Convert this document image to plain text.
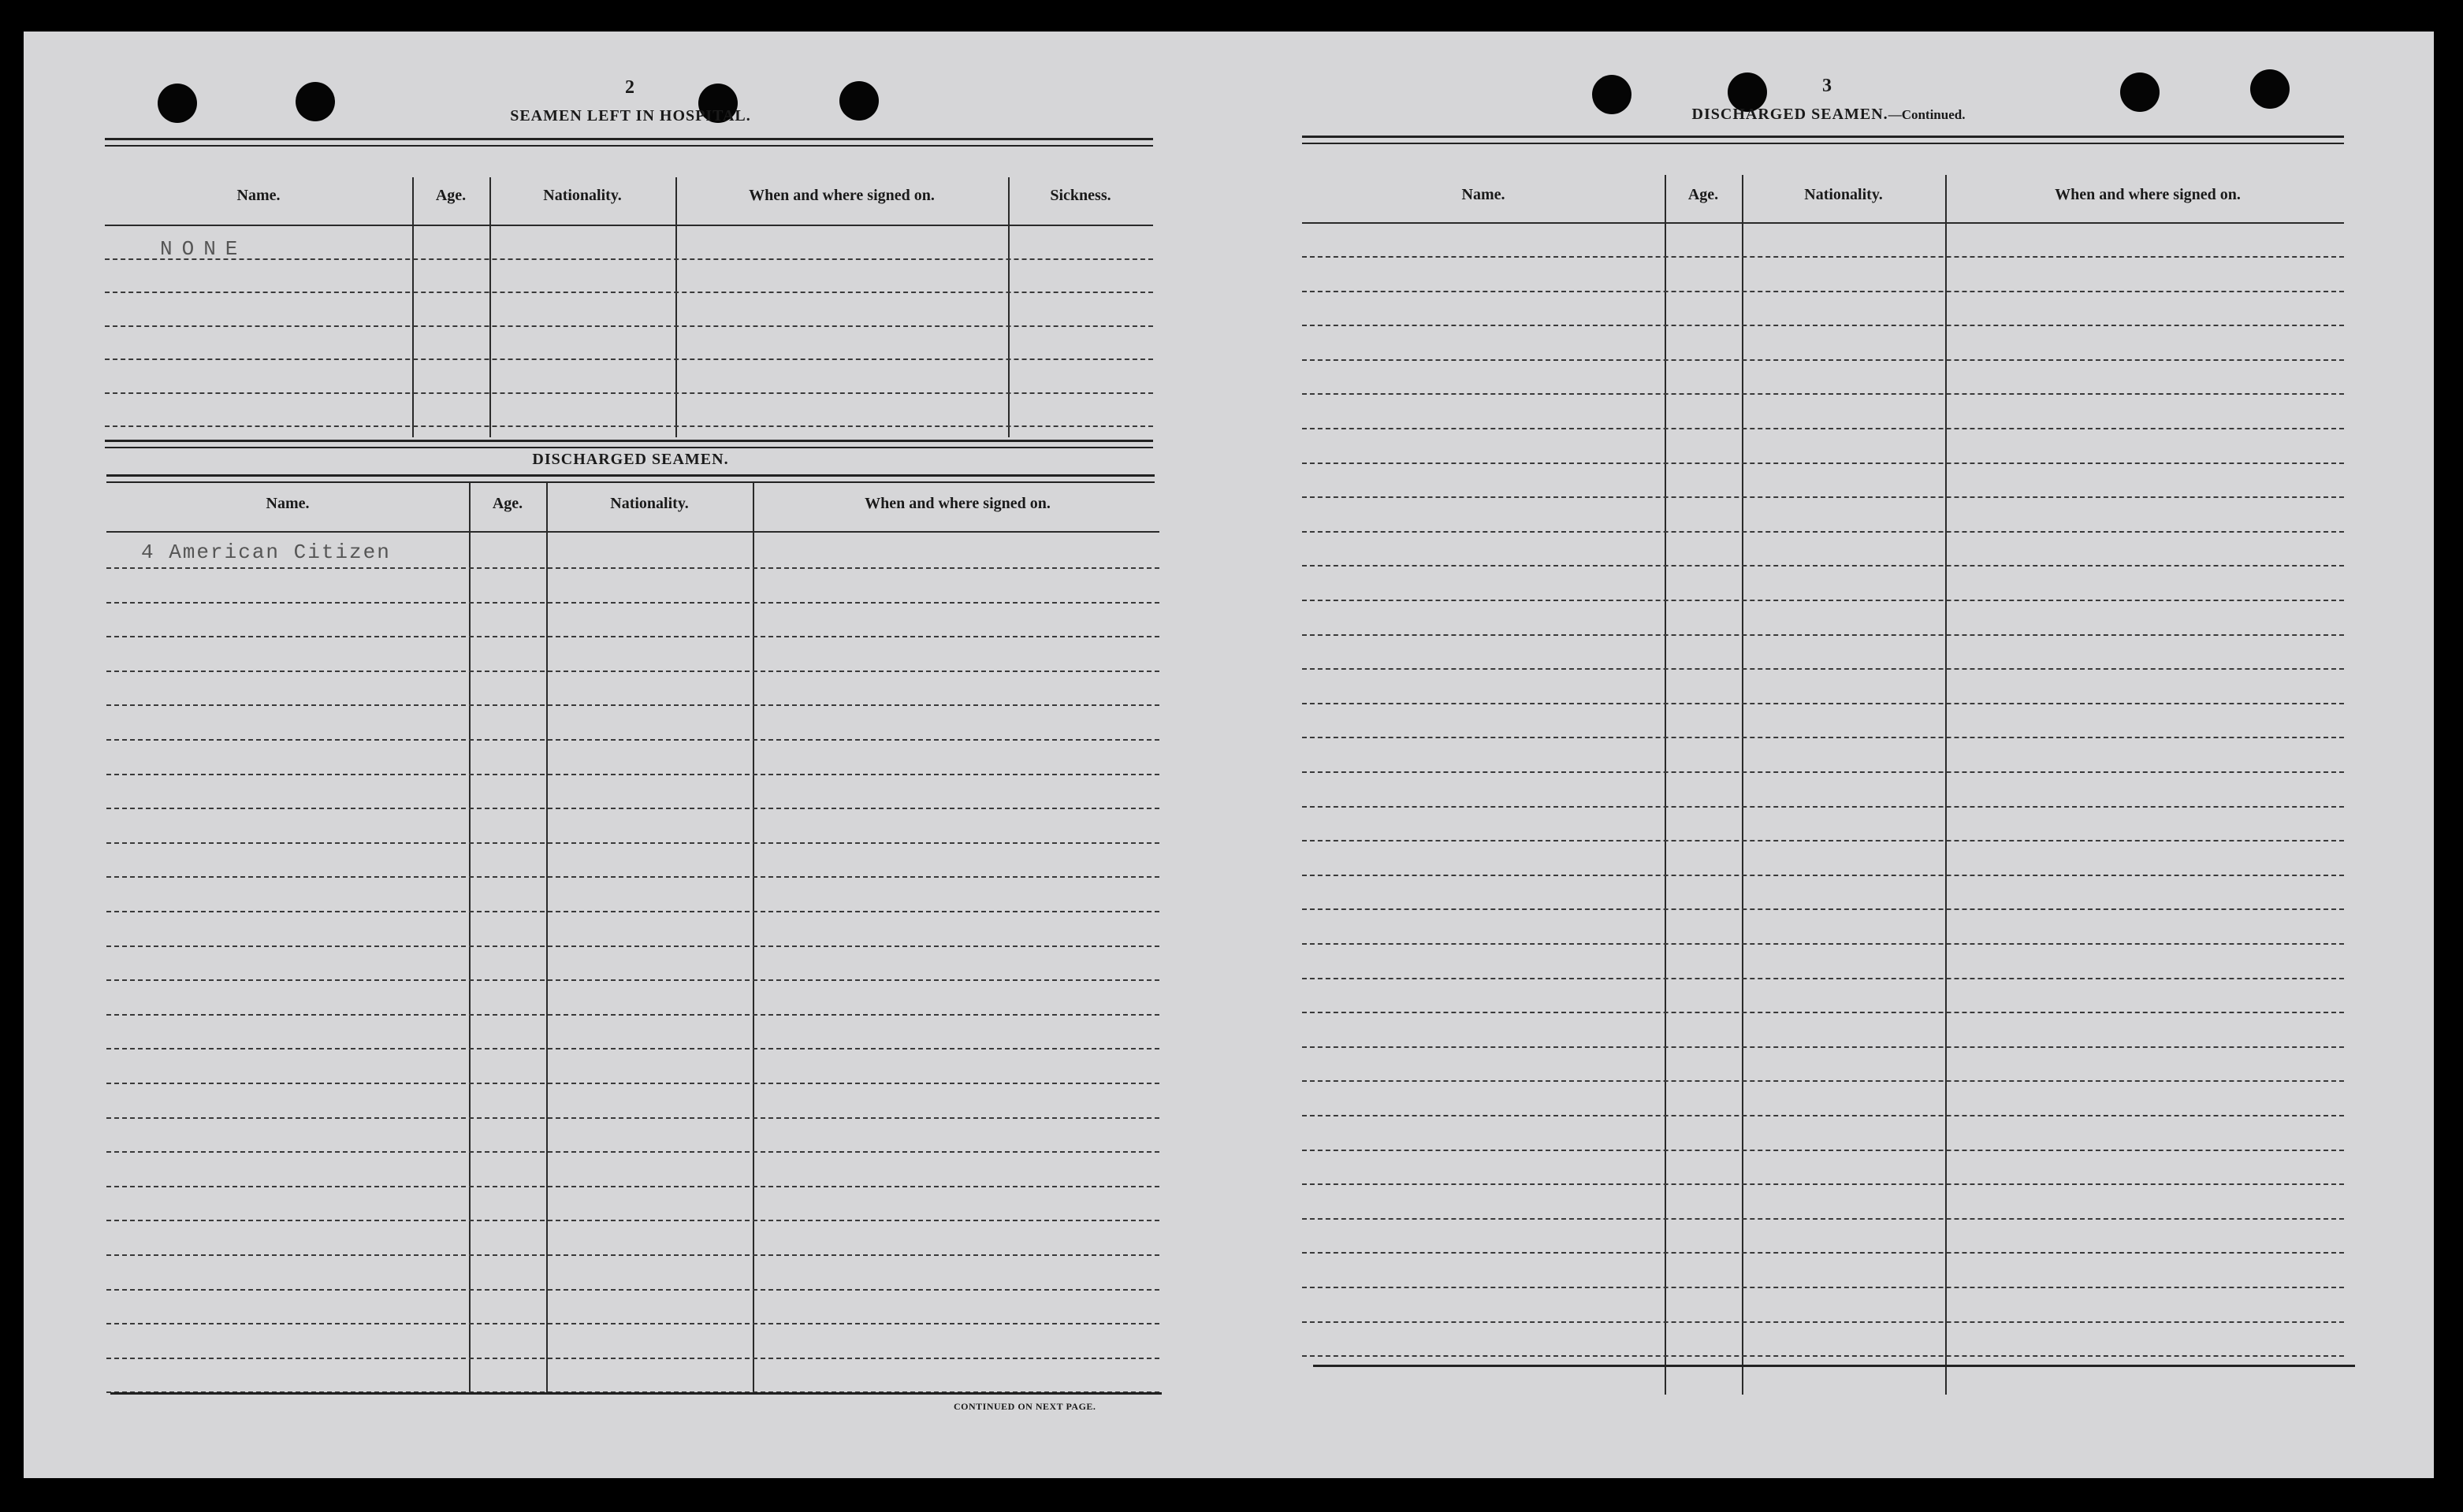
2
SEAMEN LEFT IN HOSPITAL.
Name.	Age.	Nationality.	When and where signed on.	Sickness.
NONE
DISCHARGED SEAMEN.
Name.	Age.	Nationality.	When and where signed on.
4 American Citizen
CONTINUED ON NEXT PAGE.
3
DISCHARGED SEAMEN.—Continued.
Name.	Age.	Nationality.	When and where signed on.
